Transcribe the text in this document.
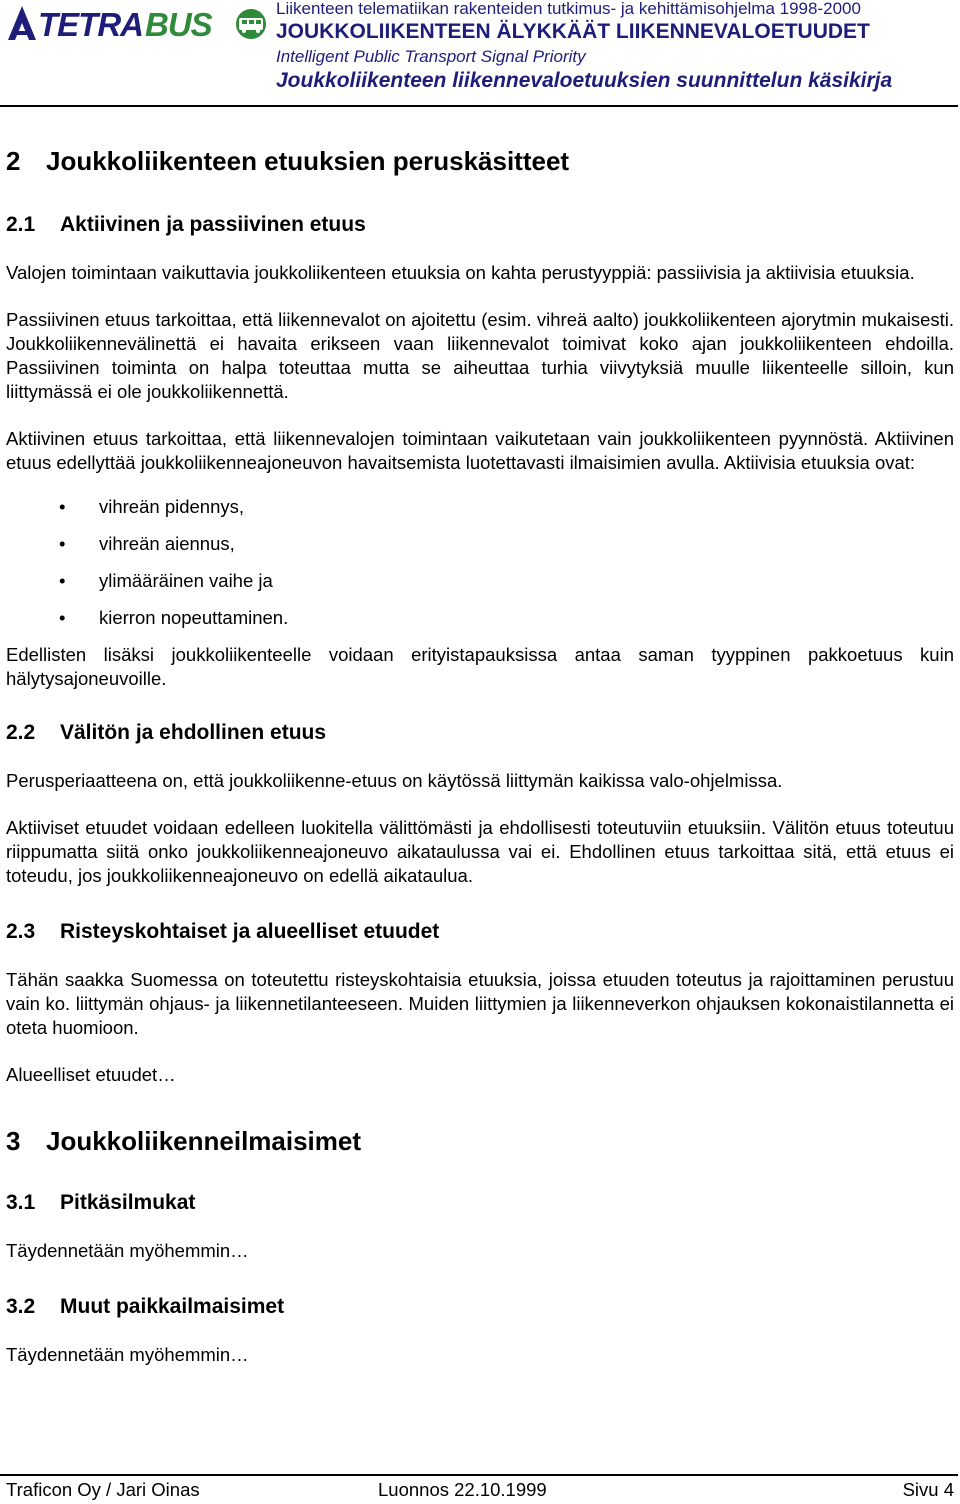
TETRA BUS	Liikenteen telematiikan rakenteiden tutkimus- ja kehittämisohjelma 1998-2000
JOUKKOLIIKENTEEN ÄLYKKÄÄT LIIKENNEVALOETUUDET
Intelligent Public Transport Signal Priority
Joukkoliikenteen liikennevaloetuuksien suunnittelun käsikirja
2 Joukkoliikenteen etuuksien peruskäsitteet
2.1 Aktiivinen ja passiivinen etuus

Valojen toimintaan vaikuttavia joukkoliikenteen etuuksia on kahta perustyyppiä: passiivisia ja aktiivisia etuuksia.

Passiivinen etuus tarkoittaa, että liikennevalot on ajoitettu (esim. vihreä aalto) joukkoliikenteen ajorytmin mukaisesti. Joukkoliikennevälinettä ei havaita erikseen vaan liikennevalot toimivat koko ajan joukkoliikenteen ehdoilla. Passiivinen toiminta on halpa toteuttaa mutta se aiheuttaa turhia viivytyksiä muulle liikenteelle silloin, kun liittymässä ei ole joukkoliikennettä.

Aktiivinen etuus tarkoittaa, että liikennevalojen toimintaan vaikutetaan vain joukkoliikenteen pyynnöstä. Aktiivinen etuus edellyttää joukkoliikenneajoneuvon havaitsemista luotettavasti ilmaisimien avulla. Aktiivisia etuuksia ovat:

• vihreän pidennys,
• vihreän aiennus,
• ylimääräinen vaihe ja
• kierron nopeuttaminen.

Edellisten lisäksi joukkoliikenteelle voidaan erityistapauksissa antaa saman tyyppinen pakkoetuus kuin hälytysajoneuvoille.

2.2 Välitön ja ehdollinen etuus

Perusperiaatteena on, että joukkoliikenne-etuus on käytössä liittymän kaikissa valo-ohjelmissa.

Aktiiviset etuudet voidaan edelleen luokitella välittömästi ja ehdollisesti toteutuviin etuuksiin. Välitön etuus toteutuu riippumatta siitä onko joukkoliikenneajoneuvo aikataulussa vai ei. Ehdollinen etuus tarkoittaa sitä, että etuus ei toteudu, jos joukkoliikenneajoneuvo on edellä aikataulua.

2.3 Risteyskohtaiset ja alueelliset etuudet

Tähän saakka Suomessa on toteutettu risteyskohtaisia etuuksia, joissa etuuden toteutus ja rajoittaminen perustuu vain ko. liittymän ohjaus- ja liikennetilanteeseen. Muiden liittymien ja liikenneverkon ohjauksen kokonaistilannetta ei oteta huomioon.

Alueelliset etuudet…

3 Joukkoliikenneilmaisimet
3.1 Pitkäsilmukat

Täydennetään myöhemmin…

3.2 Muut paikkailmaisimet

Täydennetään myöhemmin…

Traficon Oy / Jari Oinas	Luonnos 22.10.1999	Sivu 4
